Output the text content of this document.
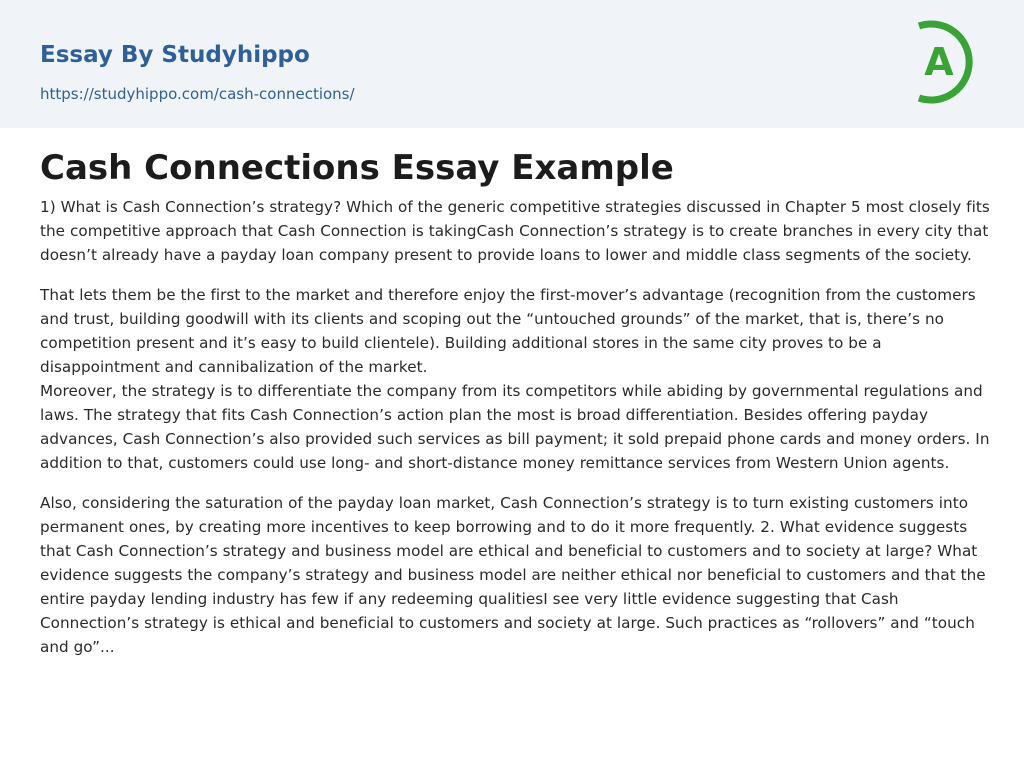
Essay By Studyhippo
https://studyhippo.com/cash-connections/
A
Cash Connections Essay Example

1) What is Cash Connection’s strategy? Which of the generic competitive strategies discussed in Chapter 5 most closely fits the competitive approach that Cash Connection is takingCash Connection’s strategy is to create branches in every city that doesn’t already have a payday loan company present to provide loans to lower and middle class segments of the society.

That lets them be the first to the market and therefore enjoy the first-mover’s advantage (recognition from the customers and trust, building goodwill with its clients and scoping out the “untouched grounds” of the market, that is, there’s no competition present and it’s easy to build clientele). Building additional stores in the same city proves to be a disappointment and cannibalization of the market.

Moreover, the strategy is to differentiate the company from its competitors while abiding by governmental regulations and laws. The strategy that fits Cash Connection’s action plan the most is broad differentiation. Besides offering payday advances, Cash Connection’s also provided such services as bill payment; it sold prepaid phone cards and money orders. In addition to that, customers could use long- and short-distance money remittance services from Western Union agents.

Also, considering the saturation of the payday loan market, Cash Connection’s strategy is to turn existing customers into permanent ones, by creating more incentives to keep borrowing and to do it more frequently. 2. What evidence suggests that Cash Connection’s strategy and business model are ethical and beneficial to customers and to society at large? What evidence suggests the company’s strategy and business model are neither ethical nor beneficial to customers and that the entire payday lending industry has few if any redeeming qualitiesI see very little evidence suggesting that Cash Connection’s strategy is ethical and beneficial to customers and society at large. Such practices as “rollovers” and “touch and go”...
